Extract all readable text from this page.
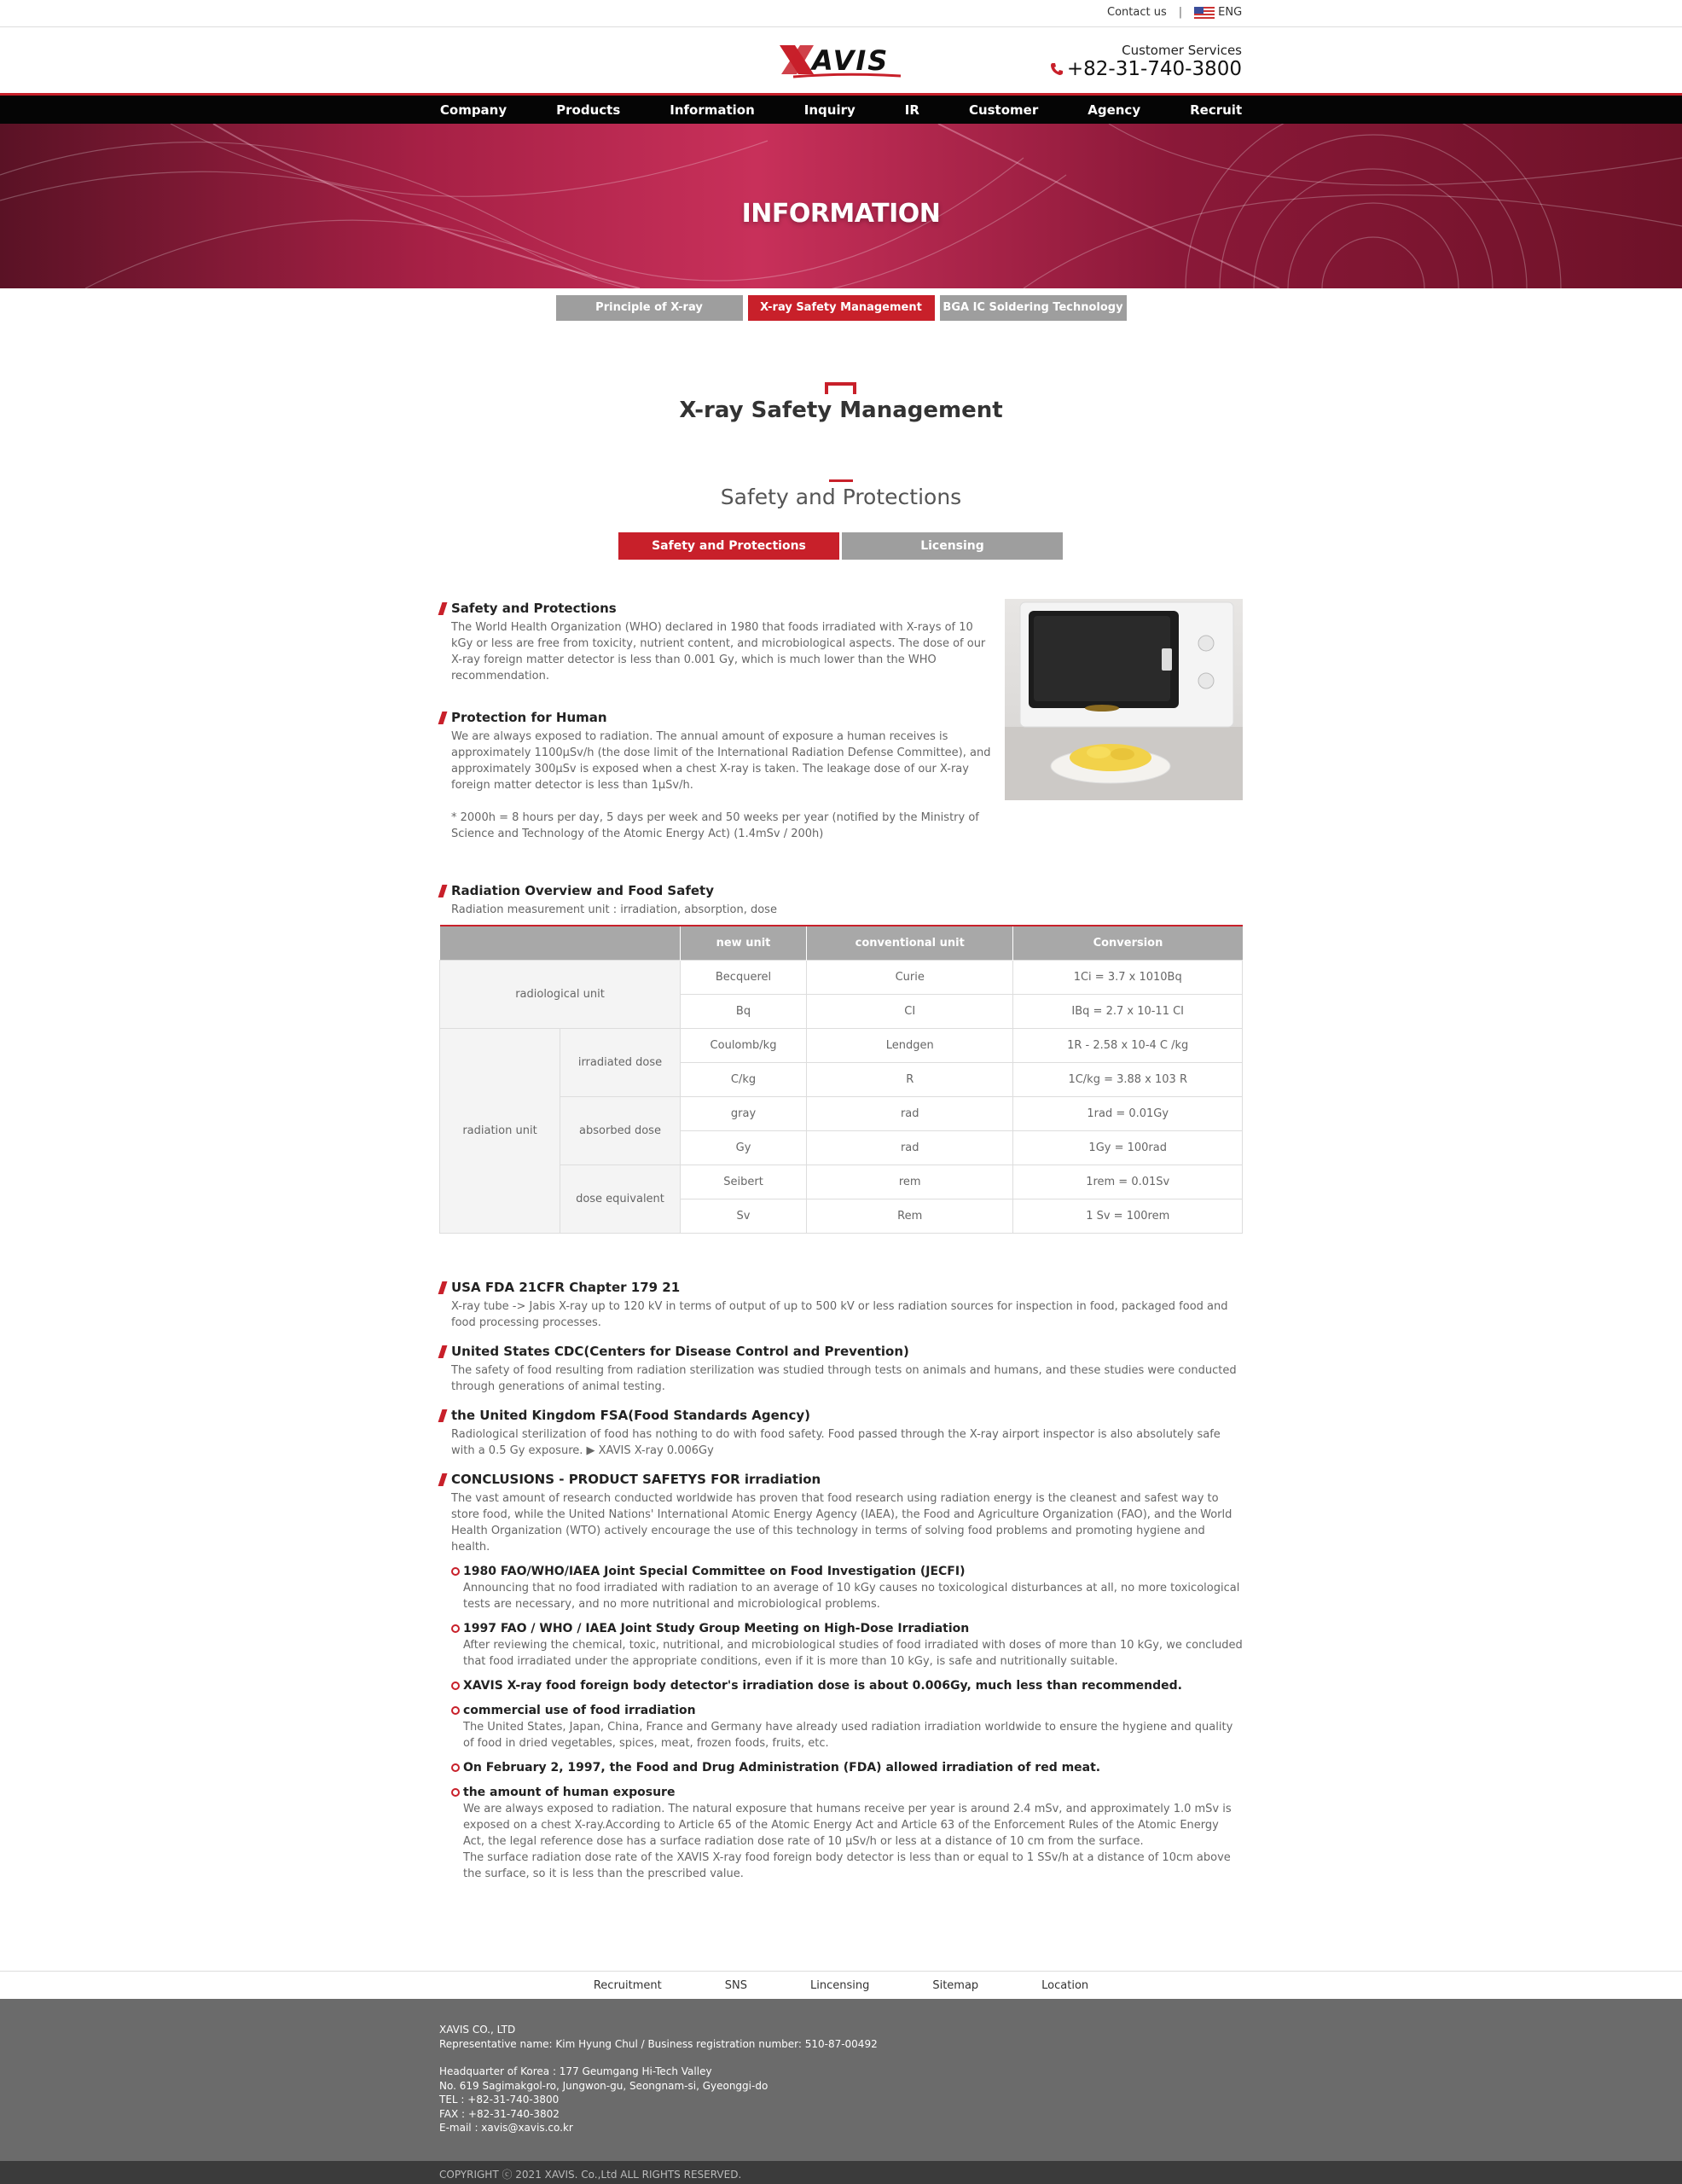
Contact us |	ENG
AVIS	Customer Services
+82-31-740-3800
Company	Products	Information	Inquiry	IR	Customer	Agency	Recruit
INFORMATION
Principle of X-ray	X-ray Safety Management	BGA IC Soldering Technology
X-ray Safety Management
Safety and Protections
Safety and Protections	Licensing
Safety and Protections
The World Health Organization (WHO) declared in 1980 that foods irradiated with X-rays of 10 kGy or less are free from toxicity, nutrient content, and microbiological aspects. The dose of our X-ray foreign matter detector is less than 0.001 Gy, which is much lower than the WHO recommendation.
Protection for Human
We are always exposed to radiation. The annual amount of exposure a human receives is approximately 1100µSv/h (the dose limit of the International Radiation Defense Committee), and approximately 300µSv is exposed when a chest X-ray is taken. The leakage dose of our X-ray foreign matter detector is less than 1µSv/h.
* 2000h = 8 hours per day, 5 days per week and 50 weeks per year (notified by the Ministry of Science and Technology of the Atomic Energy Act) (1.4mSv / 200h)
Radiation Overview and Food Safety
Radiation measurement unit : irradiation, absorption, dose
		new unit	conventional unit	Conversion
radiological unit		Becquerel	Curie	1Ci = 3.7 x 1010Bq
		Bq	CI	IBq = 2.7 x 10-11 CI
radiation unit	irradiated dose	Coulomb/kg	Lendgen	1R - 2.58 x 10-4 C /kg
		C/kg	R	1C/kg = 3.88 x 103 R
	absorbed dose	gray	rad	1rad = 0.01Gy
		Gy	rad	1Gy = 100rad
	dose equivalent	Seibert	rem	1rem = 0.01Sv
		Sv	Rem	1 Sv = 100rem
USA FDA 21CFR Chapter 179 21
X-ray tube -> Jabis X-ray up to 120 kV in terms of output of up to 500 kV or less radiation sources for inspection in food, packaged food and food processing processes.
United States CDC(Centers for Disease Control and Prevention)
The safety of food resulting from radiation sterilization was studied through tests on animals and humans, and these studies were conducted through generations of animal testing.
the United Kingdom FSA(Food Standards Agency)
Radiological sterilization of food has nothing to do with food safety. Food passed through the X-ray airport inspector is also absolutely safe with a 0.5 Gy exposure. ▶ XAVIS X-ray 0.006Gy
CONCLUSIONS - PRODUCT SAFETYS FOR irradiation
The vast amount of research conducted worldwide has proven that food research using radiation energy is the cleanest and safest way to store food, while the United Nations' International Atomic Energy Agency (IAEA), the Food and Agriculture Organization (FAO), and the World Health Organization (WTO) actively encourage the use of this technology in terms of solving food problems and promoting hygiene and health.
1980 FAO/WHO/IAEA Joint Special Committee on Food Investigation (JECFI)
Announcing that no food irradiated with radiation to an average of 10 kGy causes no toxicological disturbances at all, no more toxicological tests are necessary, and no more nutritional and microbiological problems.
1997 FAO / WHO / IAEA Joint Study Group Meeting on High-Dose Irradiation
After reviewing the chemical, toxic, nutritional, and microbiological studies of food irradiated with doses of more than 10 kGy, we concluded that food irradiated under the appropriate conditions, even if it is more than 10 kGy, is safe and nutritionally suitable.
XAVIS X-ray food foreign body detector's irradiation dose is about 0.006Gy, much less than recommended.
commercial use of food irradiation
The United States, Japan, China, France and Germany have already used radiation irradiation worldwide to ensure the hygiene and quality of food in dried vegetables, spices, meat, frozen foods, fruits, etc.
On February 2, 1997, the Food and Drug Administration (FDA) allowed irradiation of red meat.
the amount of human exposure
We are always exposed to radiation. The natural exposure that humans receive per year is around 2.4 mSv, and approximately 1.0 mSv is exposed on a chest X-ray.According to Article 65 of the Atomic Energy Act and Article 63 of the Enforcement Rules of the Atomic Energy Act, the legal reference dose has a surface radiation dose rate of 10 µSv/h or less at a distance of 10 cm from the surface.
The surface radiation dose rate of the XAVIS X-ray food foreign body detector is less than or equal to 1 SSv/h at a distance of 10cm above the surface, so it is less than the prescribed value.
Recruitment	SNS	Lincensing	Sitemap	Location
XAVIS CO., LTD
Representative name: Kim Hyung Chul / Business registration number: 510-87-00492
Headquarter of Korea : 177 Geumgang Hi-Tech Valley
No. 619 Sagimakgol-ro, Jungwon-gu, Seongnam-si, Gyeonggi-do
TEL : +82-31-740-3800
FAX : +82-31-740-3802
E-mail : xavis@xavis.co.kr
COPYRIGHT ⓒ 2021 XAVIS. Co.,Ltd ALL RIGHTS RESERVED.
